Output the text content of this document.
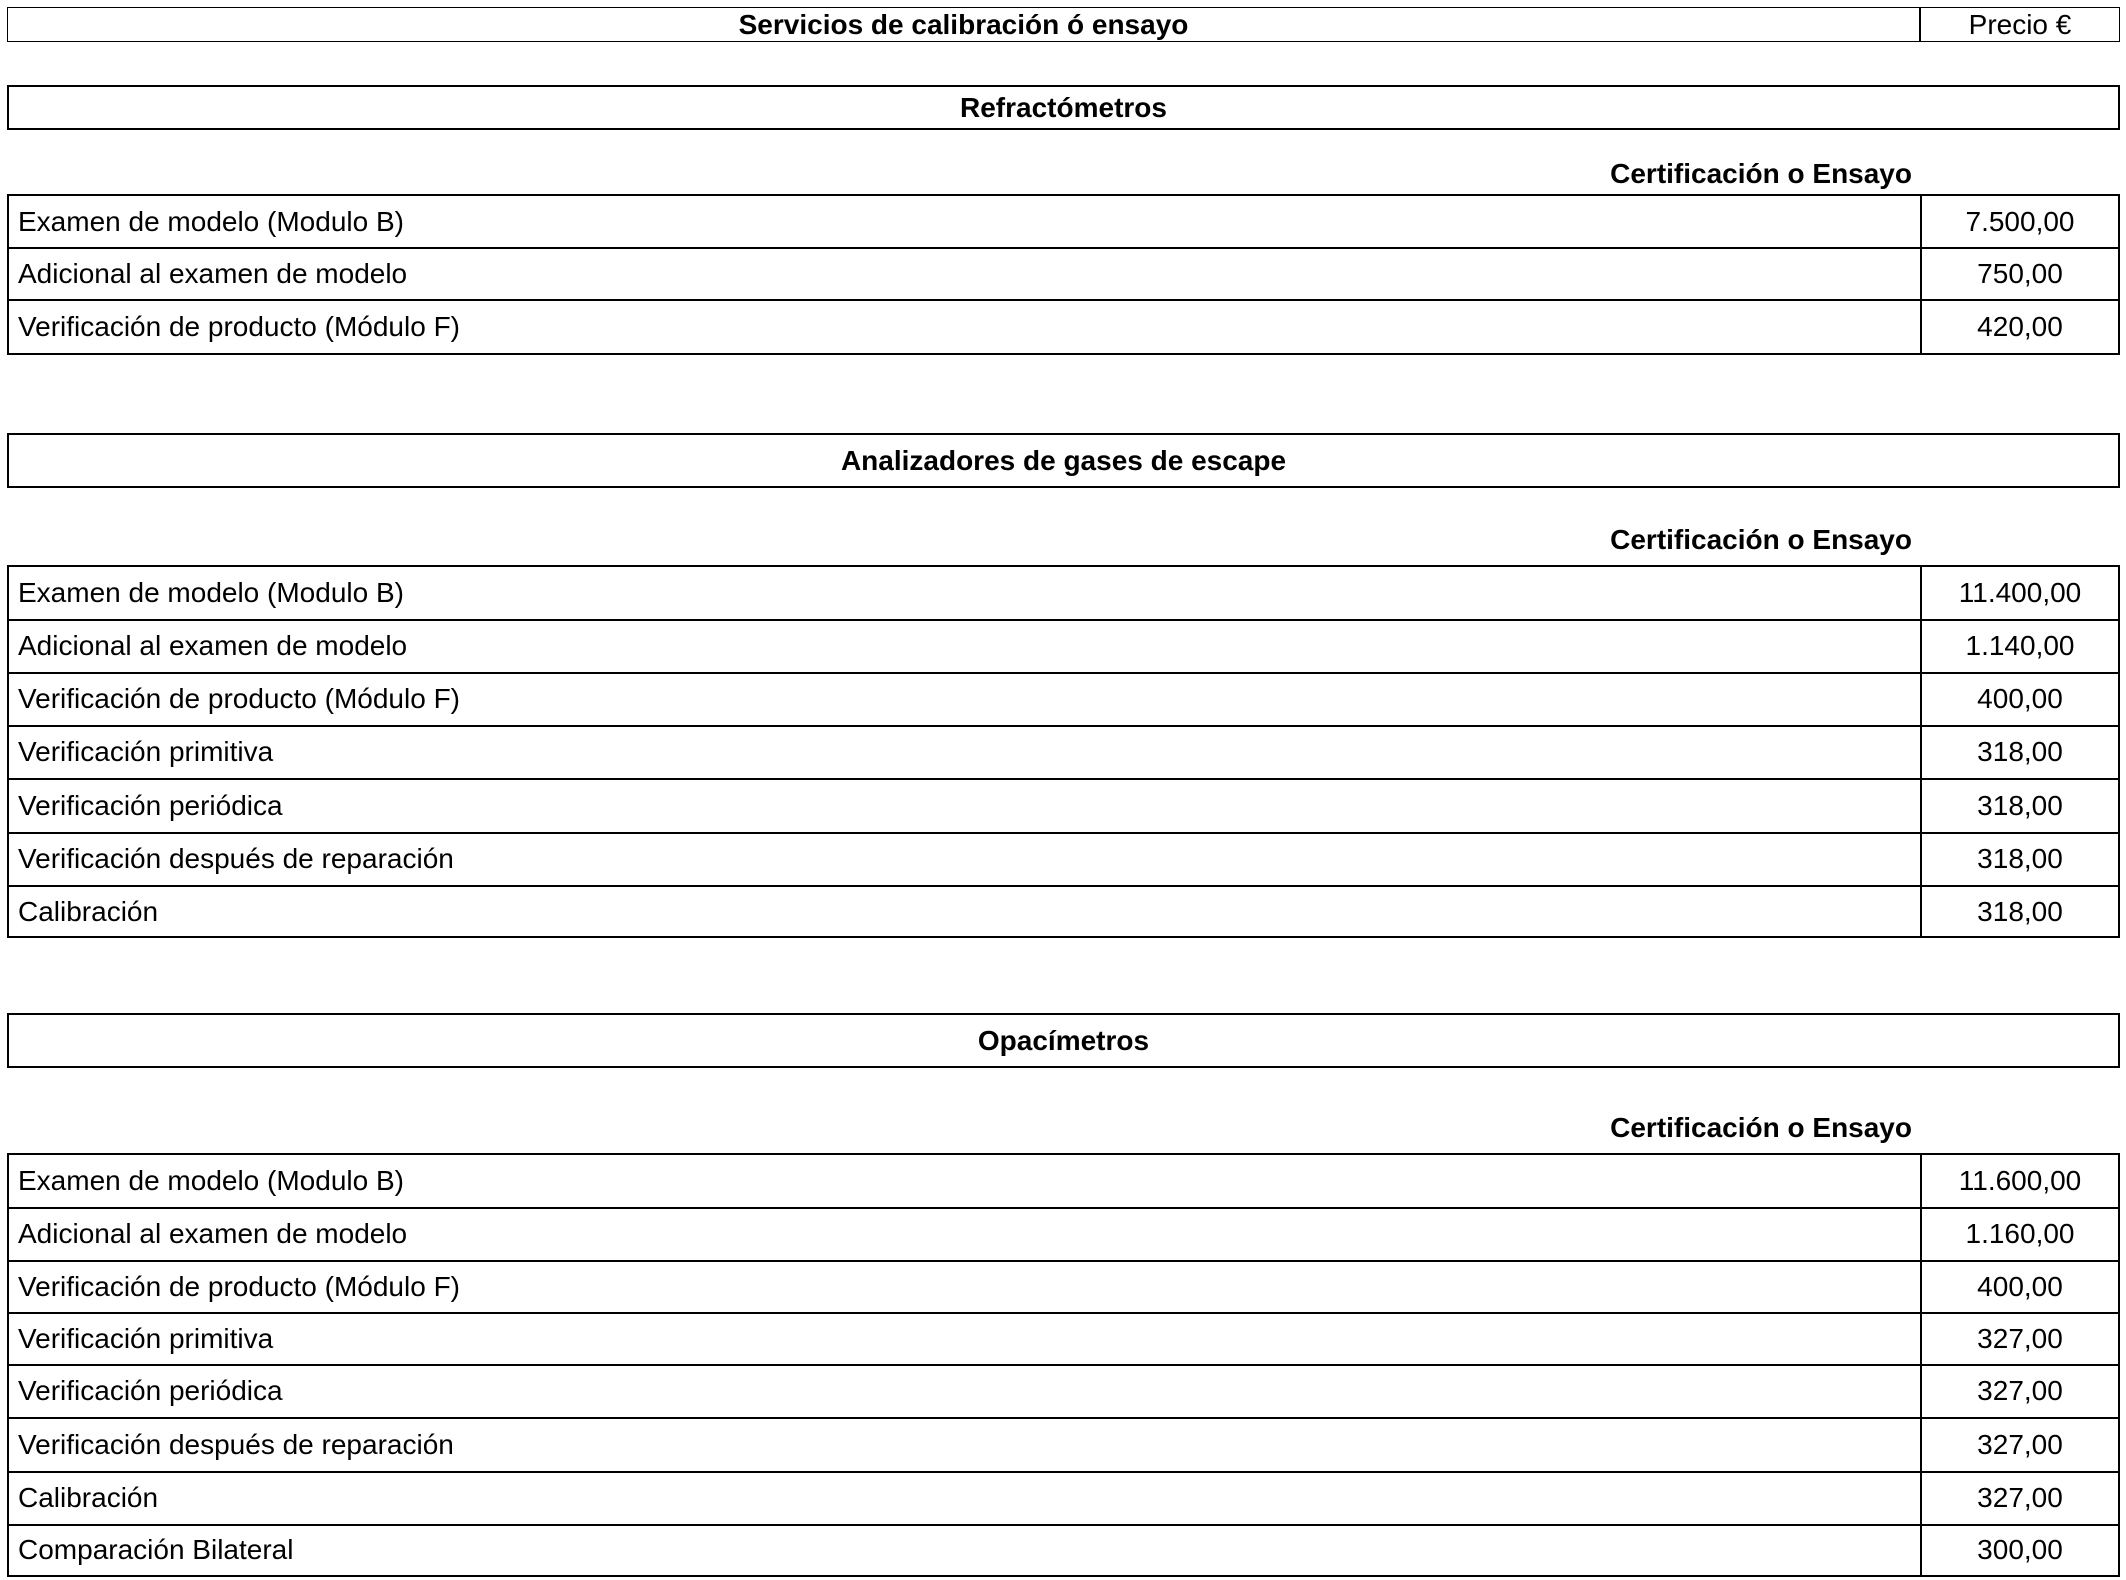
Servicios de calibración ó ensayo	Precio €
Refractómetros
Certificación o Ensayo
Examen de modelo (Modulo B)	7.500,00
Adicional al examen de modelo	750,00
Verificación de producto (Módulo F)	420,00
Analizadores de gases de escape
Certificación o Ensayo
Examen de modelo (Modulo B)	11.400,00
Adicional al examen de modelo	1.140,00
Verificación de producto (Módulo F)	400,00
Verificación primitiva	318,00
Verificación periódica	318,00
Verificación después de reparación	318,00
Calibración	318,00
Opacímetros
Certificación o Ensayo
Examen de modelo (Modulo B)	11.600,00
Adicional al examen de modelo	1.160,00
Verificación de producto (Módulo F)	400,00
Verificación primitiva	327,00
Verificación periódica	327,00
Verificación después de reparación	327,00
Calibración	327,00
Comparación Bilateral	300,00
